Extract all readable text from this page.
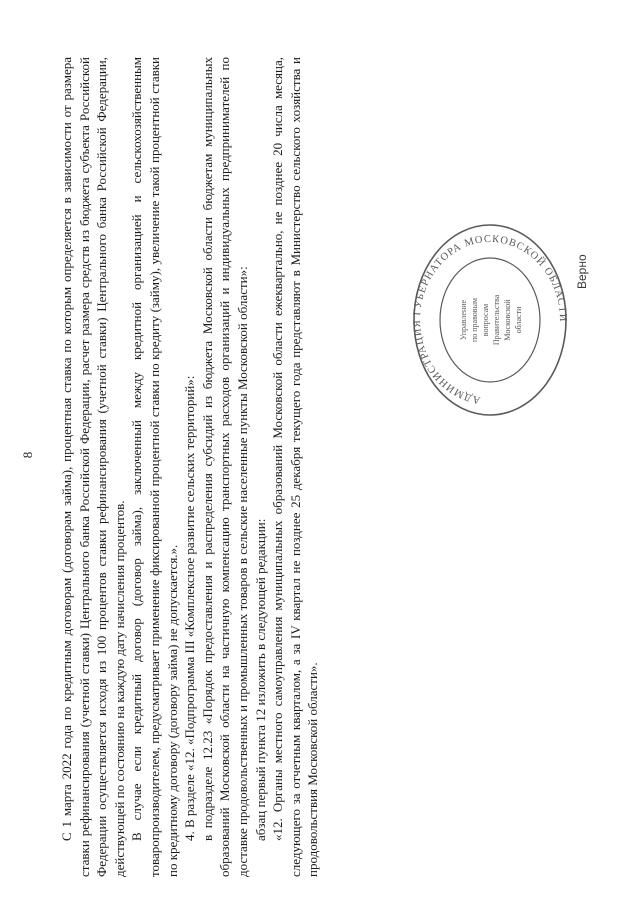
8 С 1 марта 2022 года по кредитным договорам (договорам займа), процентная ставка по которым определяется в зависимости от размера ставки рефинансирования (учетной ставки) Центрального банка Российской Федерации, расчет размера средств из бюджета субъекта Российской Федерации осуществляется исходя из 100 процентов ставки рефинансирования (учетной ставки) Центрального банка Российской Федерации, действующей по состоянию на каждую дату начисления процентов. В случае если кредитный договор (договор займа), заключенный между кредитной организацией и сельскохозяйственным товаропроизводителем, предусматривает применение фиксированной процентной ставки по кредиту (займу), увеличение такой процентной ставки по кредитному договору (договору займа) не допускается.». 4. В разделе «12. «Подпрограмма III «Комплексное развитие сельских территорий»: в подразделе 12.23 «Порядок предоставления и распределения субсидий из бюджета Московской области бюджетам муниципальных образований Московской области на частичную компенсацию транспортных расходов организаций и индивидуальных предпринимателей по доставке продовольственных и промышленных товаров в сельские населенные пункты Московской области»: абзац первый пункта 12 изложить в следующей редакции: «12. Органы местного самоуправления муниципальных образований Московской области ежеквартально, не позднее 20 числа месяца, следующего за отчетным кварталом, а за IV квартал не позднее 25 декабря текущего года представляют в Министерство сельского хозяйства и продовольствия Московской области».

АДМИНИСТРАЦИЯ ГУБЕРНАТОРА МОСКОВСКОЙ ОБЛАСТИ
Управление по правовым вопросам Правительства Московской области
Верно
